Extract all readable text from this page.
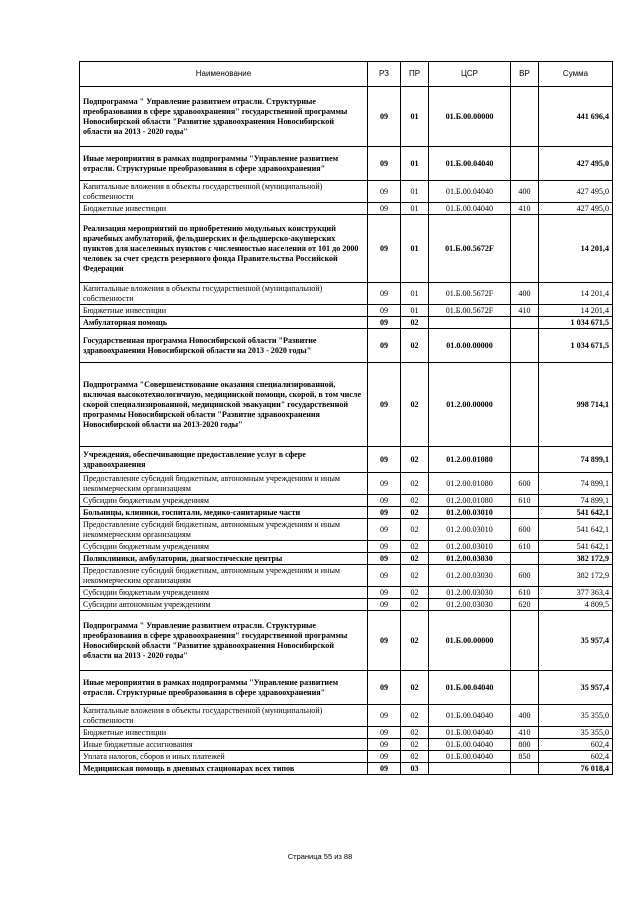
Наименование	РЗ	ПР	ЦСР	ВР	Сумма
Подпрограмма " Управление развитием отрасли. Структурные преобразования в сфере здравоохранения" государственной программы Новосибирской области "Развитие здравоохранения Новосибирской области на 2013 - 2020 годы"	09	01	01.Б.00.00000		441 696,4
Иные мероприятия в рамках подпрограммы "Управление развитием отрасли. Структурные преобразования в сфере здравоохранения"	09	01	01.Б.00.04040		427 495,0
Капитальные вложения в объекты государственной (муниципальной) собственности	09	01	01.Б.00.04040	400	427 495,0
Бюджетные инвестиции	09	01	01.Б.00.04040	410	427 495,0
Реализация мероприятий по приобретению модульных конструкций врачебных амбулаторий, фельдшерских и фельдшерско-акушерских пунктов для населенных пунктов с численностью населения от 101 до 2000 человек за счет средств резервного фонда Правительства Российской Федерации	09	01	01.Б.00.5672F		14 201,4
Капитальные вложения в объекты государственной (муниципальной) собственности	09	01	01.Б.00.5672F	400	14 201,4
Бюджетные инвестиции	09	01	01.Б.00.5672F	410	14 201,4
Амбулаторная помощь	09	02			1 034 671,5
Государственная программа Новосибирской области "Развитие здравоохранения Новосибирской области на 2013 - 2020 годы"	09	02	01.0.00.00000		1 034 671,5
Подпрограмма "Совершенствование оказания специализированной, включая высокотехнологичную, медицинской помощи, скорой, в том числе скорой специализированной, медицинской эвакуации" государственной программы Новосибирской области "Развитие здравоохранения Новосибирской области на 2013-2020 годы"	09	02	01.2.00.00000		998 714,1
Учреждения, обеспечивающие предоставление услуг в сфере здравоохранения	09	02	01.2.00.01080		74 899,1
Предоставление субсидий бюджетным, автономным учреждениям и иным некоммерческим организациям	09	02	01.2.00.01080	600	74 899,1
Субсидии бюджетным учреждениям	09	02	01.2.00.01080	610	74 899,1
Больницы, клиники, госпитали, медико-санитарные части	09	02	01.2.00.03010		541 642,1
Предоставление субсидий бюджетным, автономным учреждениям и иным некоммерческим организациям	09	02	01.2.00.03010	600	541 642,1
Субсидии бюджетным учреждениям	09	02	01.2.00.03010	610	541 642,1
Поликлиники, амбулатории, диагностические центры	09	02	01.2.00.03030		382 172,9
Предоставление субсидий бюджетным, автономным учреждениям и иным некоммерческим организациям	09	02	01.2.00.03030	600	382 172,9
Субсидии бюджетным учреждениям	09	02	01.2.00.03030	610	377 363,4
Субсидии автономным учреждениям	09	02	01.2.00.03030	620	4 809,5
Подпрограмма " Управление развитием отрасли. Структурные преобразования в сфере здравоохранения" государственной программы Новосибирской области "Развитие здравоохранения Новосибирской области на 2013 - 2020 годы"	09	02	01.Б.00.00000		35 957,4
Иные мероприятия в рамках подпрограммы "Управление развитием отрасли. Структурные преобразования в сфере здравоохранения"	09	02	01.Б.00.04040		35 957,4
Капитальные вложения в объекты государственной (муниципальной) собственности	09	02	01.Б.00.04040	400	35 355,0
Бюджетные инвестиции	09	02	01.Б.00.04040	410	35 355,0
Иные бюджетные ассигнования	09	02	01.Б.00.04040	800	602,4
Уплата налогов, сборов и иных платежей	09	02	01.Б.00.04040	850	602,4
Медицинская помощь в дневных стационарах всех типов	09	03			76 018,4
Страница 55 из 88
